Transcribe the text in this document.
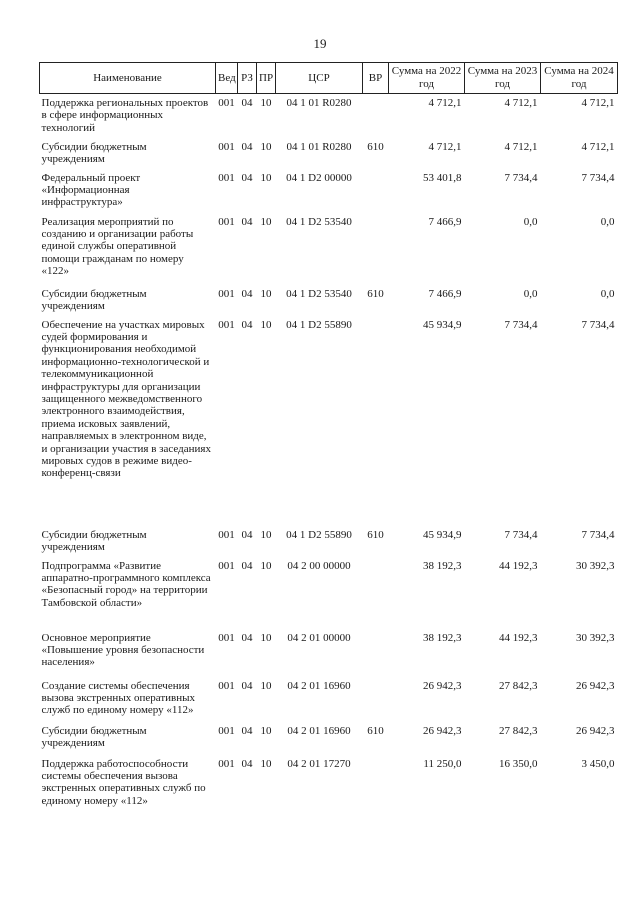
19
Наименование	Вед	РЗ	ПР	ЦСР	ВР	Сумма на 2022 год	Сумма на 2023 год	Сумма на 2024 год
Поддержка региональных проектов в сфере информационных технологий	001	04	10	04 1 01 R0280		4 712,1	4 712,1	4 712,1
Субсидии бюджетным учреждениям	001	04	10	04 1 01 R0280	610	4 712,1	4 712,1	4 712,1
Федеральный проект «Информационная инфраструктура»	001	04	10	04 1 D2 00000		53 401,8	7 734,4	7 734,4
Реализация мероприятий по созданию и организации работы единой службы оперативной помощи гражданам по номеру «122»	001	04	10	04 1 D2 53540		7 466,9	0,0	0,0
Субсидии бюджетным учреждениям	001	04	10	04 1 D2 53540	610	7 466,9	0,0	0,0
Обеспечение на участках мировых судей формирования и функционирования необходимой информационно-технологической и телекоммуникационной инфраструктуры для организации защищенного межведомственного электронного взаимодействия, приема исковых заявлений, направляемых в электронном виде, и организации участия в заседаниях мировых судов в режиме видео-конференц-связи	001	04	10	04 1 D2 55890		45 934,9	7 734,4	7 734,4
Субсидии бюджетным учреждениям	001	04	10	04 1 D2 55890	610	45 934,9	7 734,4	7 734,4
Подпрограмма «Развитие аппаратно-программного комплекса «Безопасный город» на территории Тамбовской области»	001	04	10	04 2 00 00000		38 192,3	44 192,3	30 392,3
Основное мероприятие «Повышение уровня безопасности населения»	001	04	10	04 2 01 00000		38 192,3	44 192,3	30 392,3
Создание системы обеспечения вызова экстренных оперативных служб по единому номеру «112»	001	04	10	04 2 01 16960		26 942,3	27 842,3	26 942,3
Субсидии бюджетным учреждениям	001	04	10	04 2 01 16960	610	26 942,3	27 842,3	26 942,3
Поддержка работоспособности системы обеспечения вызова экстренных оперативных служб по единому номеру «112»	001	04	10	04 2 01 17270		11 250,0	16 350,0	3 450,0
